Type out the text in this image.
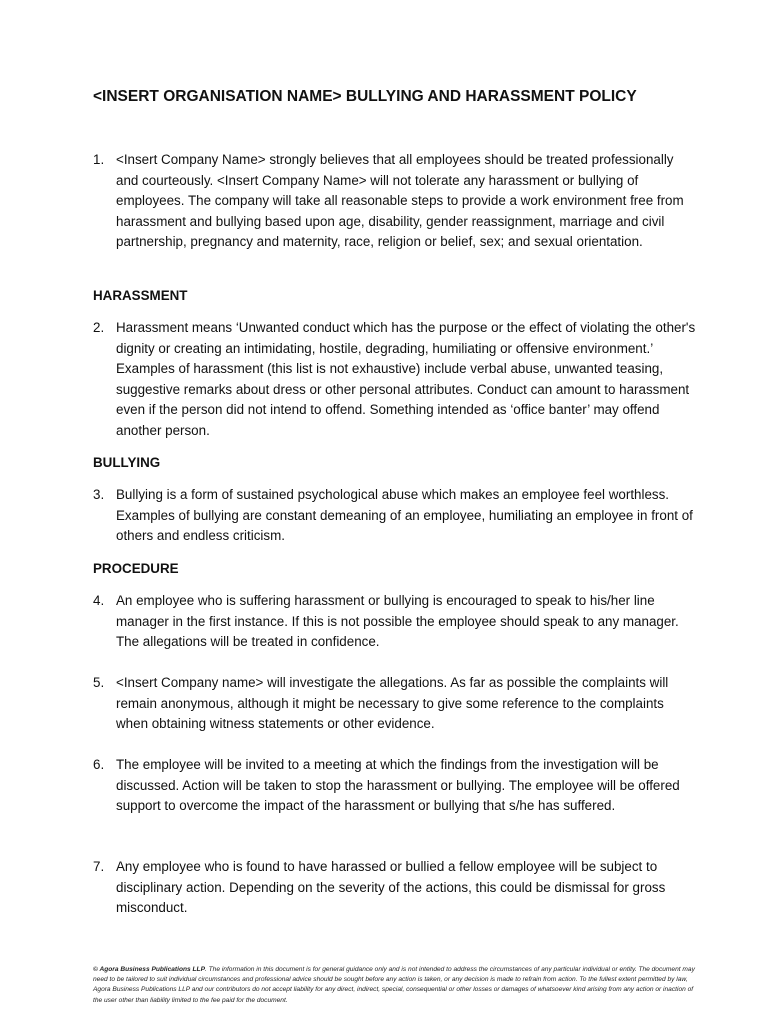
<INSERT ORGANISATION NAME> BULLYING AND HARASSMENT POLICY
1. <Insert Company Name> strongly believes that all employees should be treated professionally and courteously. <Insert Company Name> will not tolerate any harassment or bullying of employees. The company will take all reasonable steps to provide a work environment free from harassment and bullying based upon age, disability, gender reassignment, marriage and civil partnership, pregnancy and maternity, race, religion or belief, sex; and sexual orientation.
HARASSMENT
2. Harassment means ‘Unwanted conduct which has the purpose or the effect of violating the other's dignity or creating an intimidating, hostile, degrading, humiliating or offensive environment.’ Examples of harassment (this list is not exhaustive) include verbal abuse, unwanted teasing, suggestive remarks about dress or other personal attributes. Conduct can amount to harassment even if the person did not intend to offend. Something intended as ‘office banter’ may offend another person.
BULLYING
3. Bullying is a form of sustained psychological abuse which makes an employee feel worthless. Examples of bullying are constant demeaning of an employee, humiliating an employee in front of others and endless criticism.
PROCEDURE
4. An employee who is suffering harassment or bullying is encouraged to speak to his/her line manager in the first instance. If this is not possible the employee should speak to any manager. The allegations will be treated in confidence.
5. <Insert Company name> will investigate the allegations. As far as possible the complaints will remain anonymous, although it might be necessary to give some reference to the complaints when obtaining witness statements or other evidence.
6. The employee will be invited to a meeting at which the findings from the investigation will be discussed. Action will be taken to stop the harassment or bullying. The employee will be offered support to overcome the impact of the harassment or bullying that s/he has suffered.
7. Any employee who is found to have harassed or bullied a fellow employee will be subject to disciplinary action. Depending on the severity of the actions, this could be dismissal for gross misconduct.
© Agora Business Publications LLP. The information in this document is for general guidance only and is not intended to address the circumstances of any particular individual or entity. The document may need to be tailored to suit individual circumstances and professional advice should be sought before any action is taken, or any decision is made to refrain from action. To the fullest extent permitted by law, Agora Business Publications LLP and our contributors do not accept liability for any direct, indirect, special, consequential or other losses or damages of whatsoever kind arising from any action or inaction of the user other than liability limited to the fee paid for the document.
